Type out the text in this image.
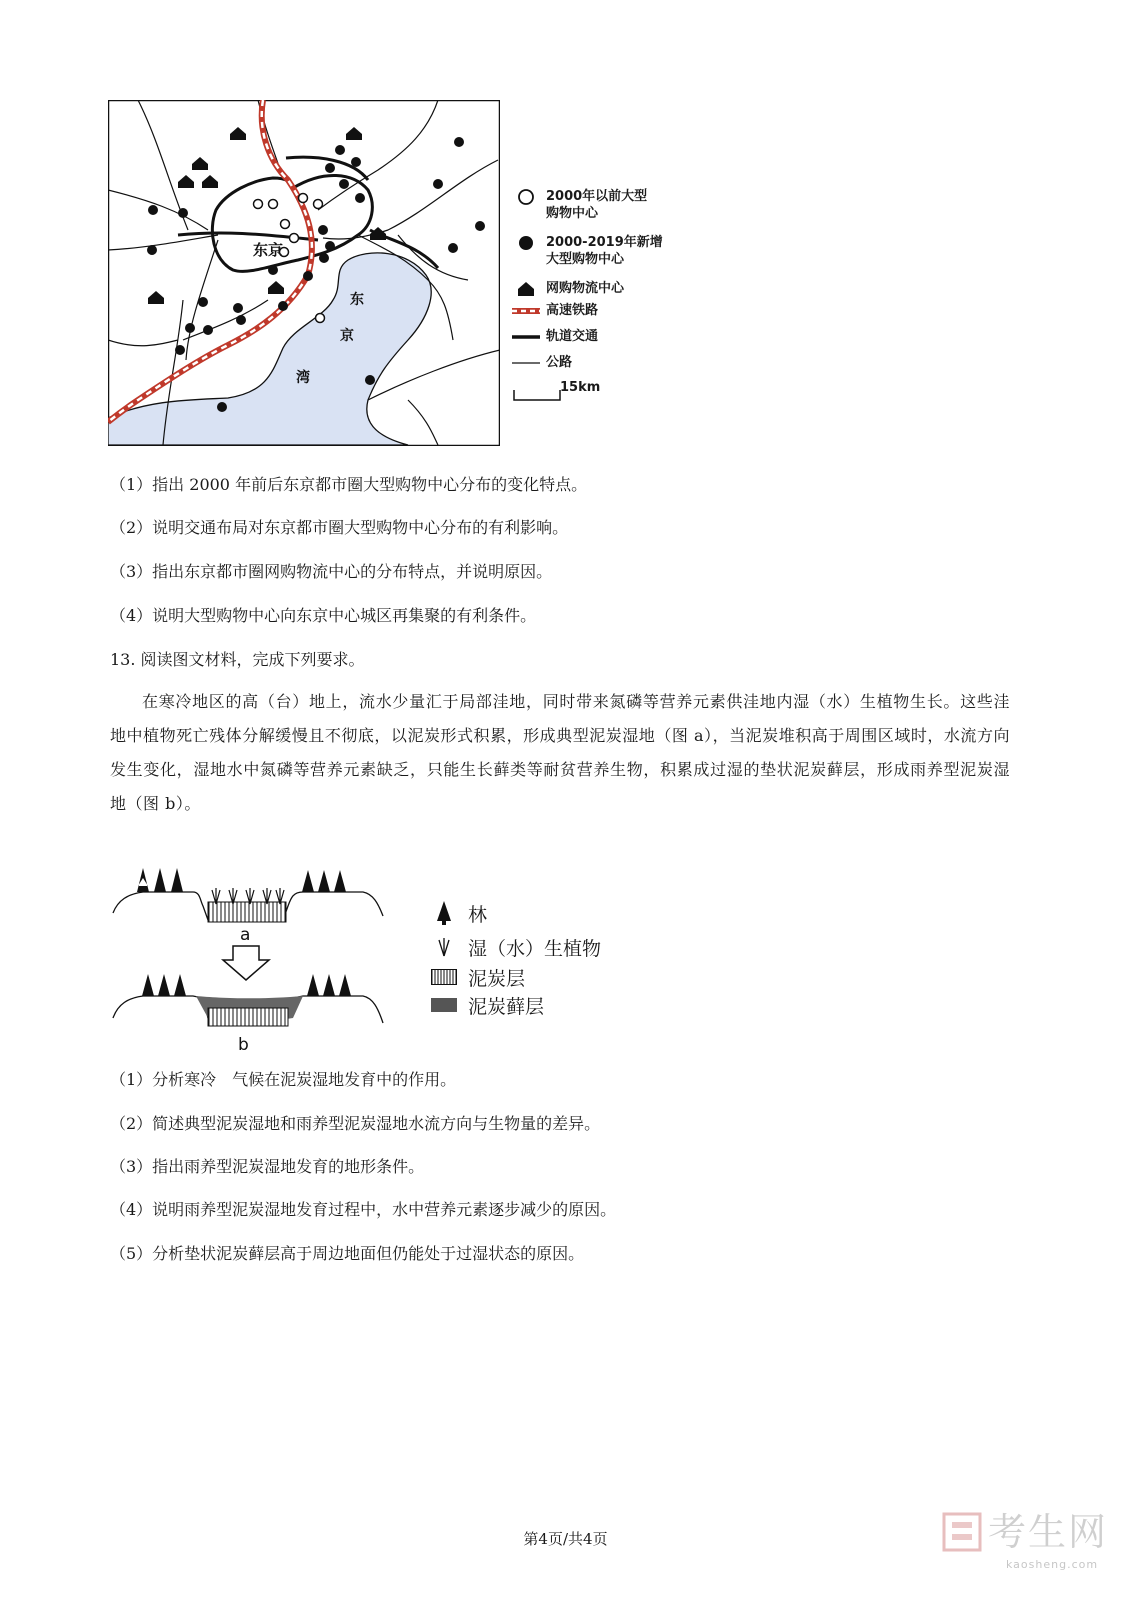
东京
东
京
湾
2000年以前大型
购物中心
2000-2019年新增
大型购物中心
网购物流中心
高速铁路
轨道交通
公路
15km
（1）指出 2000 年前后东京都市圈大型购物中心分布的变化特点。
（2）说明交通布局对东京都市圈大型购物中心分布的有利影响。
（3）指出东京都市圈网购物流中心的分布特点，并说明原因。
（4）说明大型购物中心向东京中心城区再集聚的有利条件。
13. 阅读图文材料，完成下列要求。
在寒冷地区的高（台）地上，流水少量汇于局部洼地，同时带来氮磷等营养元素供洼地内湿（水）生植物生长。这些洼地中植物死亡残体分解缓慢且不彻底，以泥炭形式积累，形成典型泥炭湿地（图 a），当泥炭堆积高于周围区域时，水流方向发生变化，湿地水中氮磷等营养元素缺乏，只能生长藓类等耐贫营养生物，积累成过湿的垫状泥炭藓层，形成雨养型泥炭湿地（图 b）。
a
b
林
湿（水）生植物
泥炭层
泥炭藓层
（1）分析寒冷　气候在泥炭湿地发育中的作用。
（2）简述典型泥炭湿地和雨养型泥炭湿地水流方向与生物量的差异。
（3）指出雨养型泥炭湿地发育的地形条件。
（4）说明雨养型泥炭湿地发育过程中，水中营养元素逐步减少的原因。
（5）分析垫状泥炭藓层高于周边地面但仍能处于过湿状态的原因。
第4页/共4页	考生网
kaosheng.com
